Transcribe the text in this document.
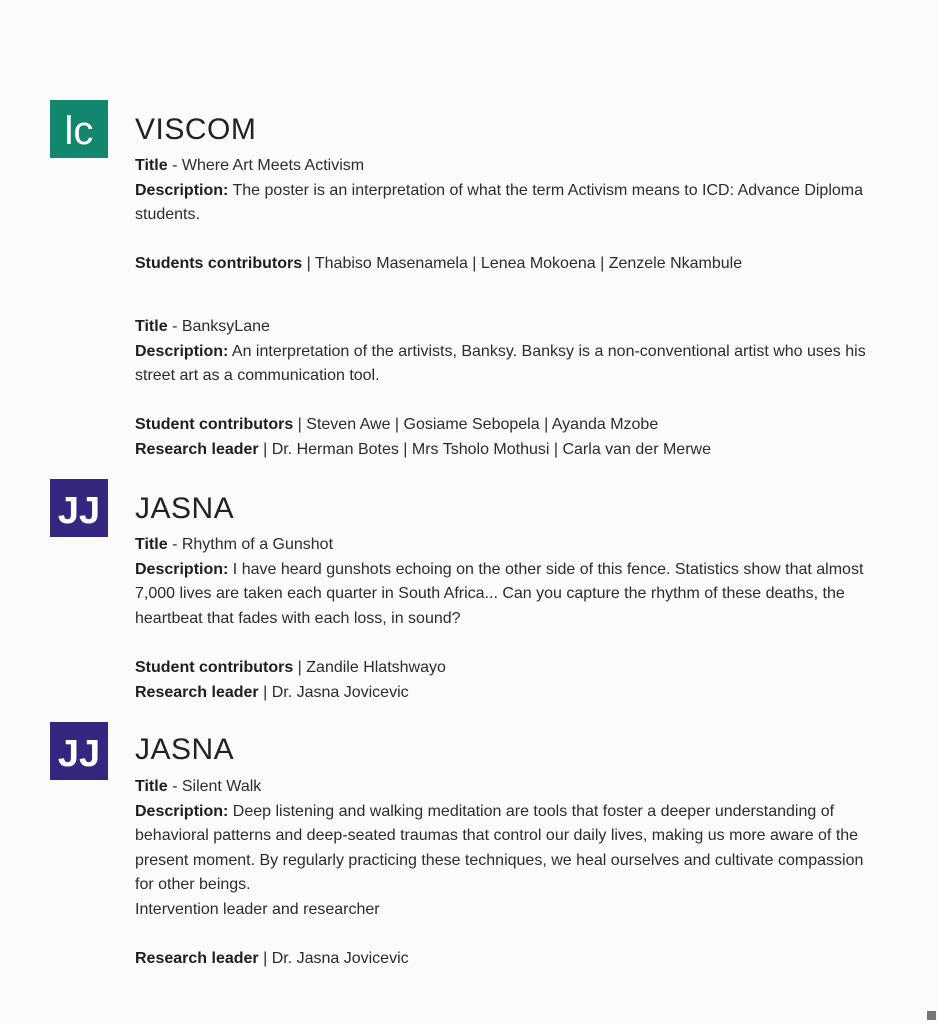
lc VISCOM

Title - Where Art Meets Activism

Description: The poster is an interpretation of what the term Activism means to ICD: Advance Diploma students.

Students contributors | Thabiso Masenamela | Lenea Mokoena | Zenzele Nkambule

Title - BanksyLane

Description: An interpretation of the artivists, Banksy. Banksy is a non-conventional artist who uses his street art as a communication tool.

Student contributors | Steven Awe | Gosiame Sebopela | Ayanda Mzobe

Research leader | Dr. Herman Botes | Mrs Tsholo Mothusi | Carla van der Merwe

JJ JASNA

Title - Rhythm of a Gunshot

Description: I have heard gunshots echoing on the other side of this fence. Statistics show that almost 7,000 lives are taken each quarter in South Africa... Can you capture the rhythm of these deaths, the heartbeat that fades with each loss, in sound?

Student contributors | Zandile Hlatshwayo

Research leader | Dr. Jasna Jovicevic

JJ JASNA

Title - Silent Walk

Description: Deep listening and walking meditation are tools that foster a deeper understanding of behavioral patterns and deep-seated traumas that control our daily lives, making us more aware of the present moment. By regularly practicing these techniques, we heal ourselves and cultivate compassion for other beings.

Intervention leader and researcher

Research leader | Dr. Jasna Jovicevic
